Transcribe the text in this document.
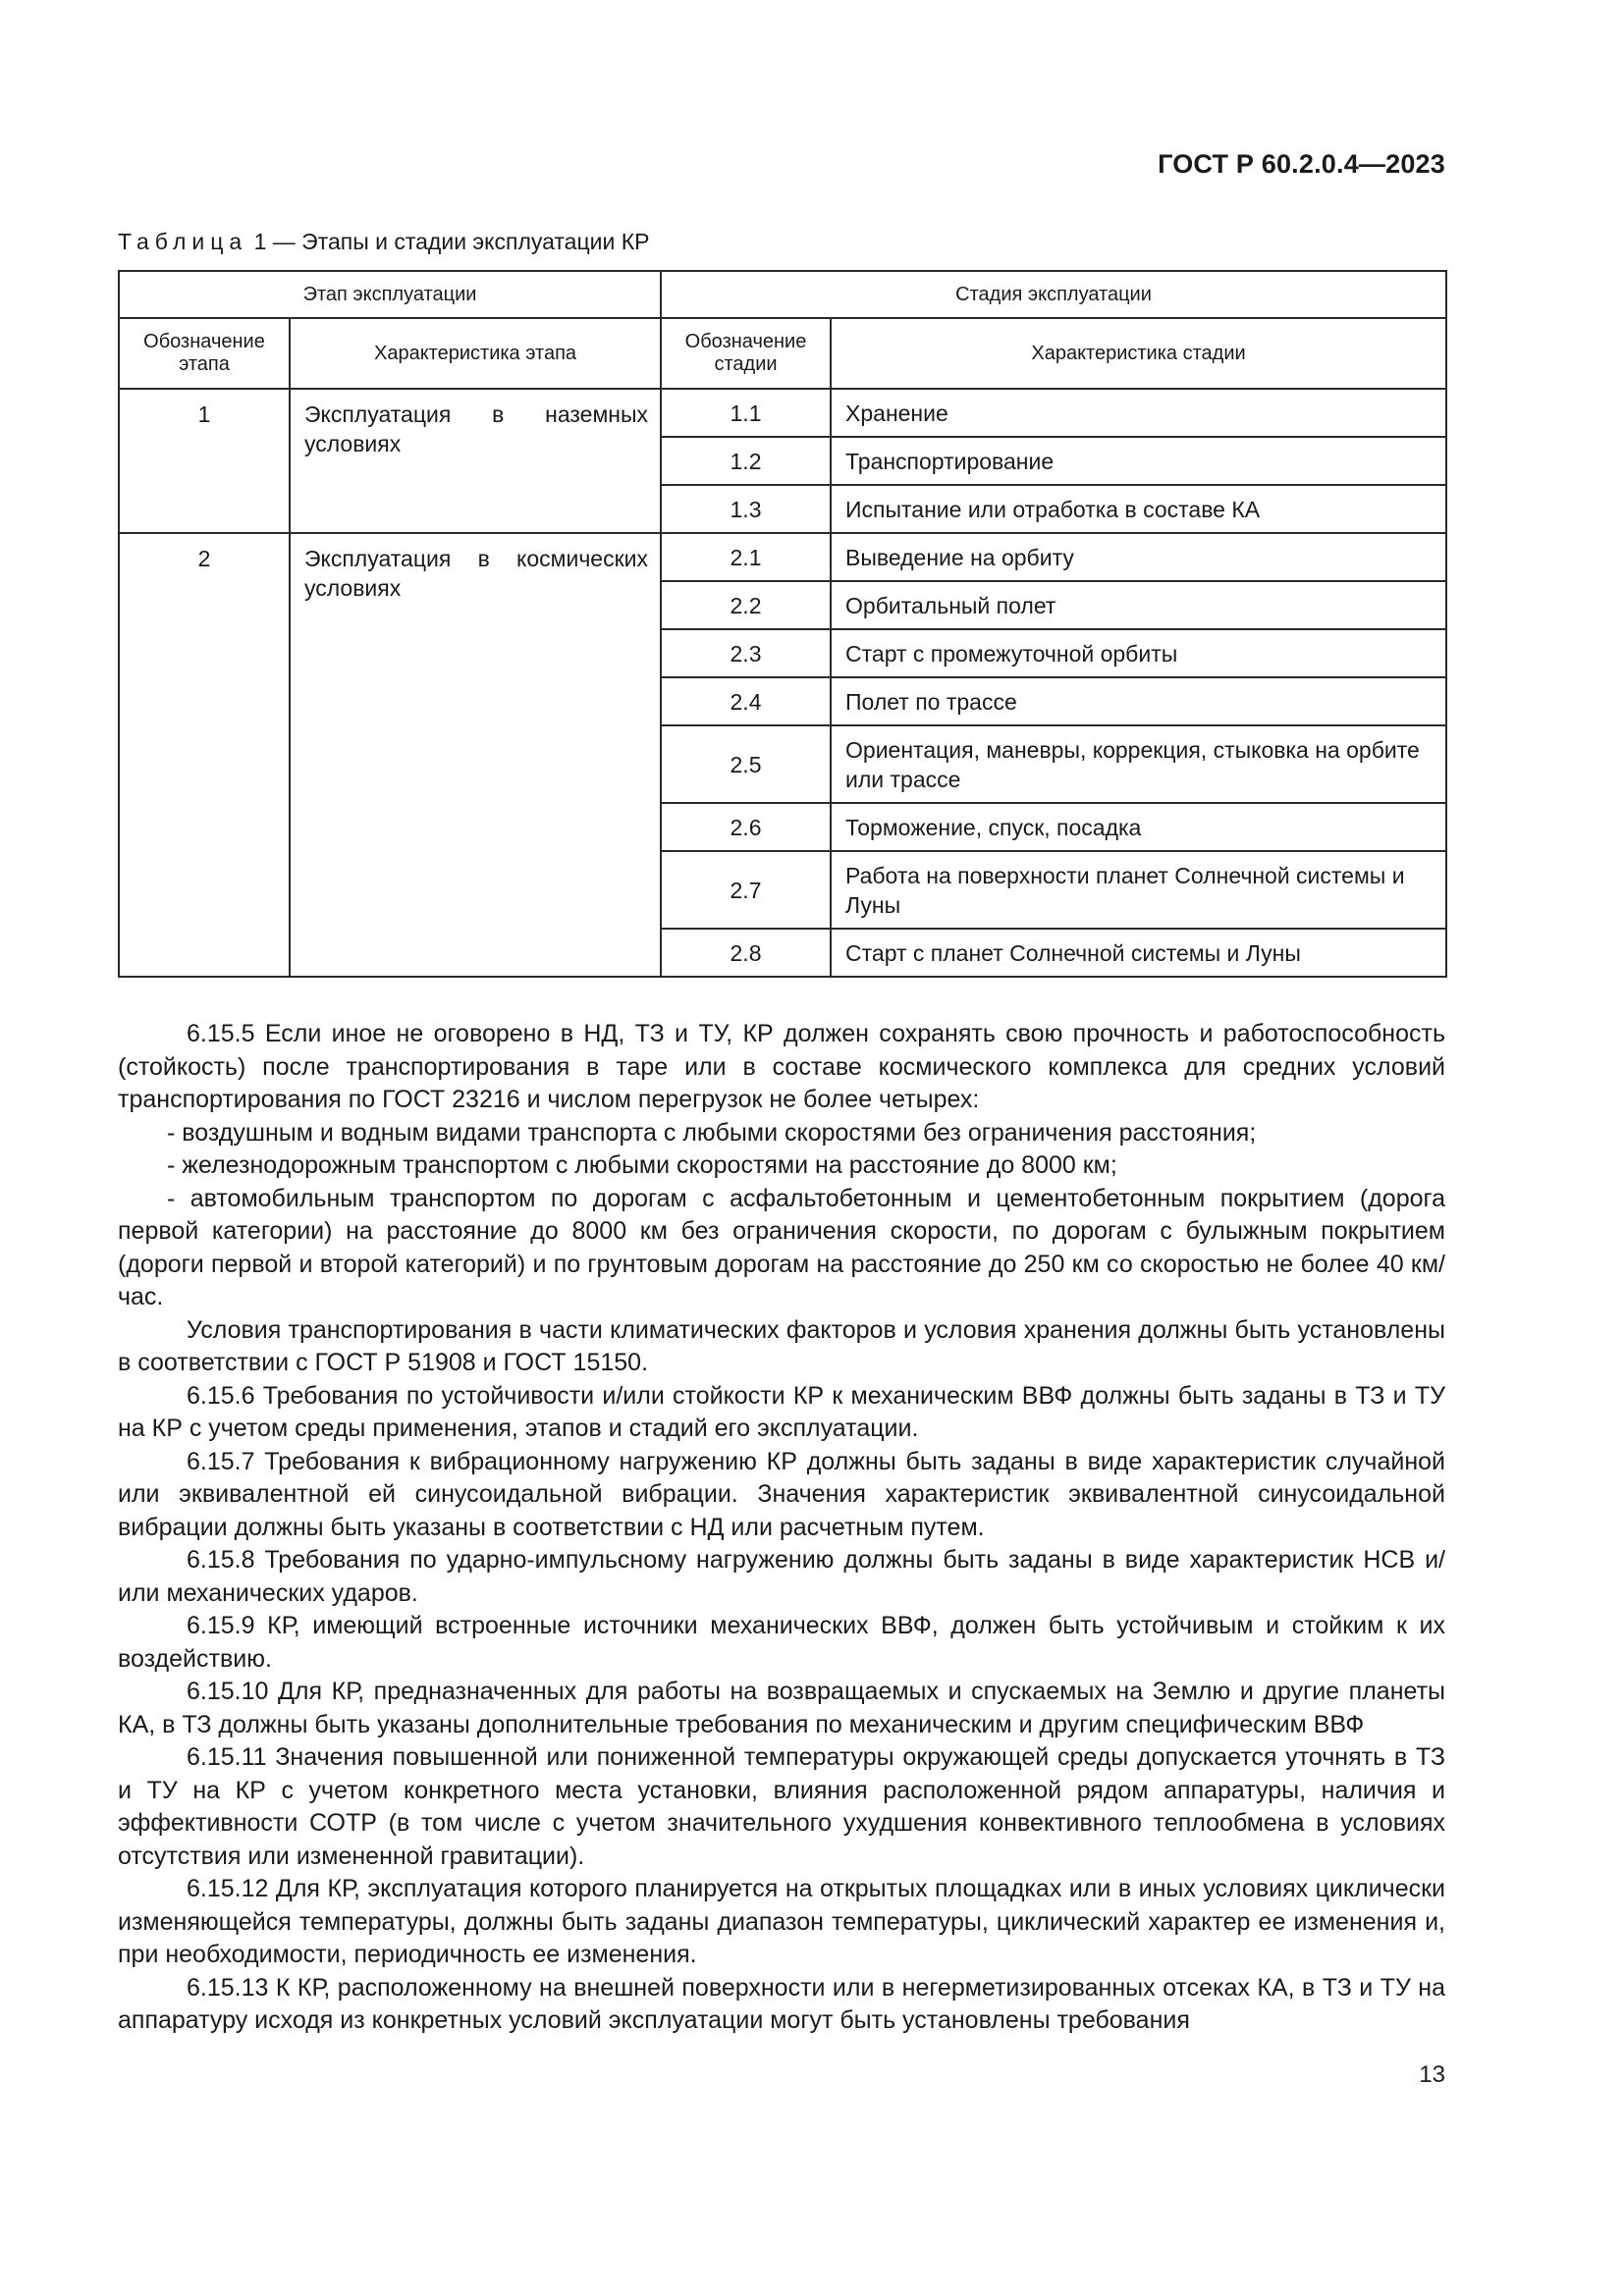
ГОСТ Р 60.2.0.4—2023
Таблица 1 — Этапы и стадии эксплуатации КР
Этап эксплуатации		Стадия эксплуатации	
Обозначение этапа	Характеристика этапа	Обозначение стадии	Характеристика стадии
1	Эксплуатация в наземных условиях	1.1	Хранение
		1.2	Транспортирование
		1.3	Испытание или отработка в составе КА
2	Эксплуатация в космических условиях	2.1	Выведение на орбиту
		2.2	Орбитальный полет
		2.3	Старт с промежуточной орбиты
		2.4	Полет по трассе
		2.5	Ориентация, маневры, коррекция, стыковка на орбите или трассе
		2.6	Торможение, спуск, посадка
		2.7	Работа на поверхности планет Солнечной системы и Луны
		2.8	Старт с планет Солнечной системы и Луны

6.15.5 Если иное не оговорено в НД, ТЗ и ТУ, КР должен сохранять свою прочность и работоспособность (стойкость) после транспортирования в таре или в составе космического комплекса для средних условий транспортирования по ГОСТ 23216 и числом перегрузок не более четырех:

- воздушным и водным видами транспорта с любыми скоростями без ограничения расстояния;

- железнодорожным транспортом с любыми скоростями на расстояние до 8000 км;

- автомобильным транспортом по дорогам с асфальтобетонным и цементобетонным покрытием (дорога первой категории) на расстояние до 8000 км без ограничения скорости, по дорогам с булыжным покрытием (дороги первой и второй категорий) и по грунтовым дорогам на расстояние до 250 км со скоростью не более 40 км/час.

Условия транспортирования в части климатических факторов и условия хранения должны быть установлены в соответствии с ГОСТ Р 51908 и ГОСТ 15150.

6.15.6 Требования по устойчивости и/или стойкости КР к механическим ВВФ должны быть заданы в ТЗ и ТУ на КР с учетом среды применения, этапов и стадий его эксплуатации.

6.15.7 Требования к вибрационному нагружению КР должны быть заданы в виде характеристик случайной или эквивалентной ей синусоидальной вибрации. Значения характеристик эквивалентной синусоидальной вибрации должны быть указаны в соответствии с НД или расчетным путем.

6.15.8 Требования по ударно-импульсному нагружению должны быть заданы в виде характеристик НСВ и/или механических ударов.

6.15.9 КР, имеющий встроенные источники механических ВВФ, должен быть устойчивым и стойким к их воздействию.

6.15.10 Для КР, предназначенных для работы на возвращаемых и спускаемых на Землю и другие планеты КА, в ТЗ должны быть указаны дополнительные требования по механическим и другим специфическим ВВФ

6.15.11 Значения повышенной или пониженной температуры окружающей среды допускается уточнять в ТЗ и ТУ на КР с учетом конкретного места установки, влияния расположенной рядом аппаратуры, наличия и эффективности СОТР (в том числе с учетом значительного ухудшения конвективного теплообмена в условиях отсутствия или измененной гравитации).

6.15.12 Для КР, эксплуатация которого планируется на открытых площадках или в иных условиях циклически изменяющейся температуры, должны быть заданы диапазон температуры, циклический характер ее изменения и, при необходимости, периодичность ее изменения.

6.15.13 К КР, расположенному на внешней поверхности или в негерметизированных отсеках КА, в ТЗ и ТУ на аппаратуру исходя из конкретных условий эксплуатации могут быть установлены требования

13
